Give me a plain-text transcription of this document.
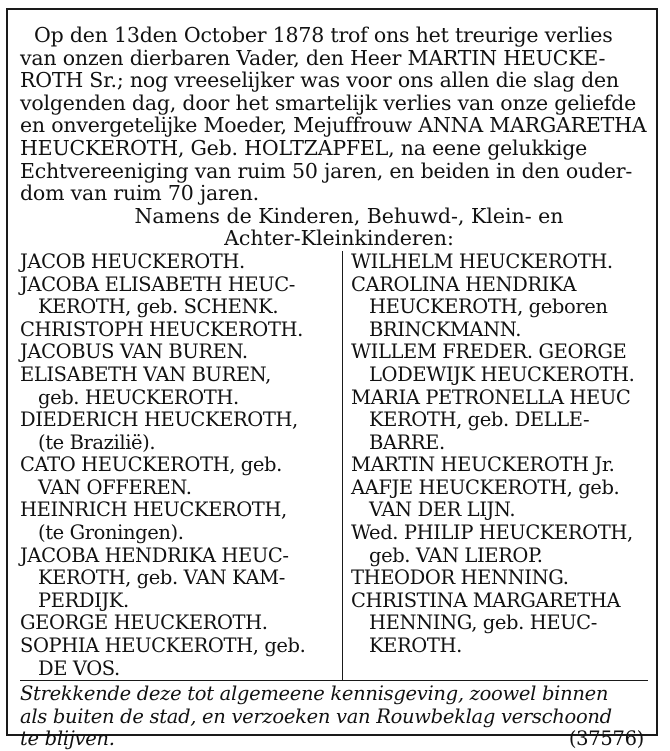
Op den 13den October 1878 trof ons het treurige verlies
van onzen dierbaren Vader, den Heer MARTIN HEUCKE-
ROTH Sr.; nog vreeselijker was voor ons allen die slag den
volgenden dag, door het smartelijk verlies van onze geliefde
en onvergetelijke Moeder, Mejuffrouw ANNA MARGARETHA
HEUCKEROTH, Geb. HOLTZAPFEL, na eene gelukkige
Echtvereeniging van ruim 50 jaren, en beiden in den ouder-
dom van ruim 70 jaren.
Namens de Kinderen, Behuwd-, Klein- en
Achter-Kleinkinderen:
JACOB HEUCKEROTH.
JACOBA ELISABETH HEUC-
KEROTH, geb. SCHENK.
CHRISTOPH HEUCKEROTH.
JACOBUS VAN BUREN.
ELISABETH VAN BUREN,
geb. HEUCKEROTH.
DIEDERICH HEUCKEROTH,
(te Brazilië).
CATO HEUCKEROTH, geb.
VAN OFFEREN.
HEINRICH HEUCKEROTH,
(te Groningen).
JACOBA HENDRIKA HEUC-
KEROTH, geb. VAN KAM-
PERDIJK.
GEORGE HEUCKEROTH.
SOPHIA HEUCKEROTH, geb.
DE VOS.
WILHELM HEUCKEROTH.
CAROLINA HENDRIKA
HEUCKEROTH, geboren
BRINCKMANN.
WILLEM FREDER. GEORGE
LODEWIJK HEUCKEROTH.
MARIA PETRONELLA HEUC
KEROTH, geb. DELLE-
BARRE.
MARTIN HEUCKEROTH Jr.
AAFJE HEUCKEROTH, geb.
VAN DER LIJN.
Wed. PHILIP HEUCKEROTH,
geb. VAN LIEROP.
THEODOR HENNING.
CHRISTINA MARGARETHA
HENNING, geb. HEUC-
KEROTH.
Strekkende deze tot algemeene kennisgeving, zoowel binnen
als buiten de stad, en verzoeken van Rouwbeklag verschoond
te blijven.	(37576)
